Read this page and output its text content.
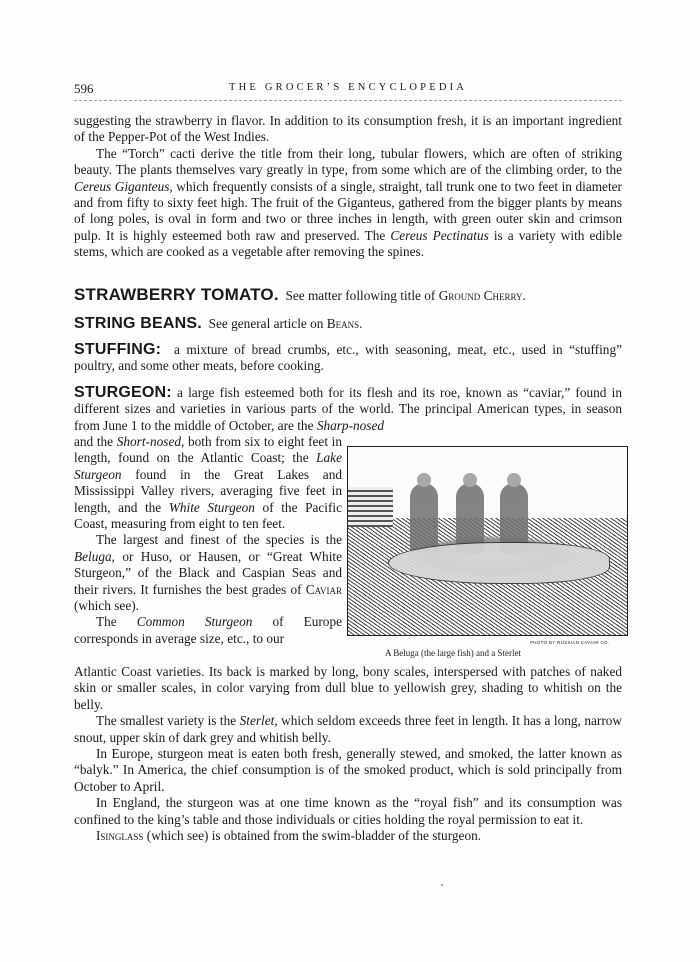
596	THE GROCER’S ENCYCLOPEDIA

suggesting the strawberry in flavor. In addition to its consumption fresh, it is an important ingredient of the Pepper-Pot of the West Indies.

The “Torch” cacti derive the title from their long, tubular flowers, which are often of striking beauty. The plants themselves vary greatly in type, from some which are of the climbing order, to the Cereus Giganteus, which frequently consists of a single, straight, tall trunk one to two feet in diameter and from fifty to sixty feet high. The fruit of the Giganteus, gathered from the bigger plants by means of long poles, is oval in form and two or three inches in length, with green outer skin and crimson pulp. It is highly esteemed both raw and preserved. The Cereus Pectinatus is a variety with edible stems, which are cooked as a vegetable after removing the spines.

STRAWBERRY TOMATO. See matter following title of Ground Cherry.

STRING BEANS. See general article on Beans.

STUFFING: a mixture of bread crumbs, etc., with seasoning, meat, etc., used in “stuffing” poultry, and some other meats, before cooking.

STURGEON: a large fish esteemed both for its flesh and its roe, known as “caviar,” found in different sizes and varieties in various parts of the world. The principal American types, in season from June 1 to the middle of October, are the Sharp-nosed

and the Short-nosed, both from six to eight feet in length, found on the Atlantic Coast; the Lake Sturgeon found in the Great Lakes and Mississippi Valley rivers, averaging five feet in length, and the White Sturgeon of the Pacific Coast, measuring from eight to ten feet.

The largest and finest of the species is the Beluga, or Huso, or Hausen, or “Great White Sturgeon,” of the Black and Caspian Seas and their rivers. It furnishes the best grades of Caviar (which see).

The Common Sturgeon of Europe corresponds in average size, etc., to our	PHOTO BY RUSSIAN CAVIAR CO.
A Beluga (the large fish) and a Sterlet

Atlantic Coast varieties. Its back is marked by long, bony scales, interspersed with patches of naked skin or smaller scales, in color varying from dull blue to yellowish grey, shading to whitish on the belly.

The smallest variety is the Sterlet, which seldom exceeds three feet in length. It has a long, narrow snout, upper skin of dark grey and whitish belly.

In Europe, sturgeon meat is eaten both fresh, generally stewed, and smoked, the latter known as “balyk.” In America, the chief consumption is of the smoked product, which is sold principally from October to April.

In England, the sturgeon was at one time known as the “royal fish” and its consumption was confined to the king’s table and those individuals or cities holding the royal permission to eat it.

Isinglass (which see) is obtained from the swim-bladder of the sturgeon.
